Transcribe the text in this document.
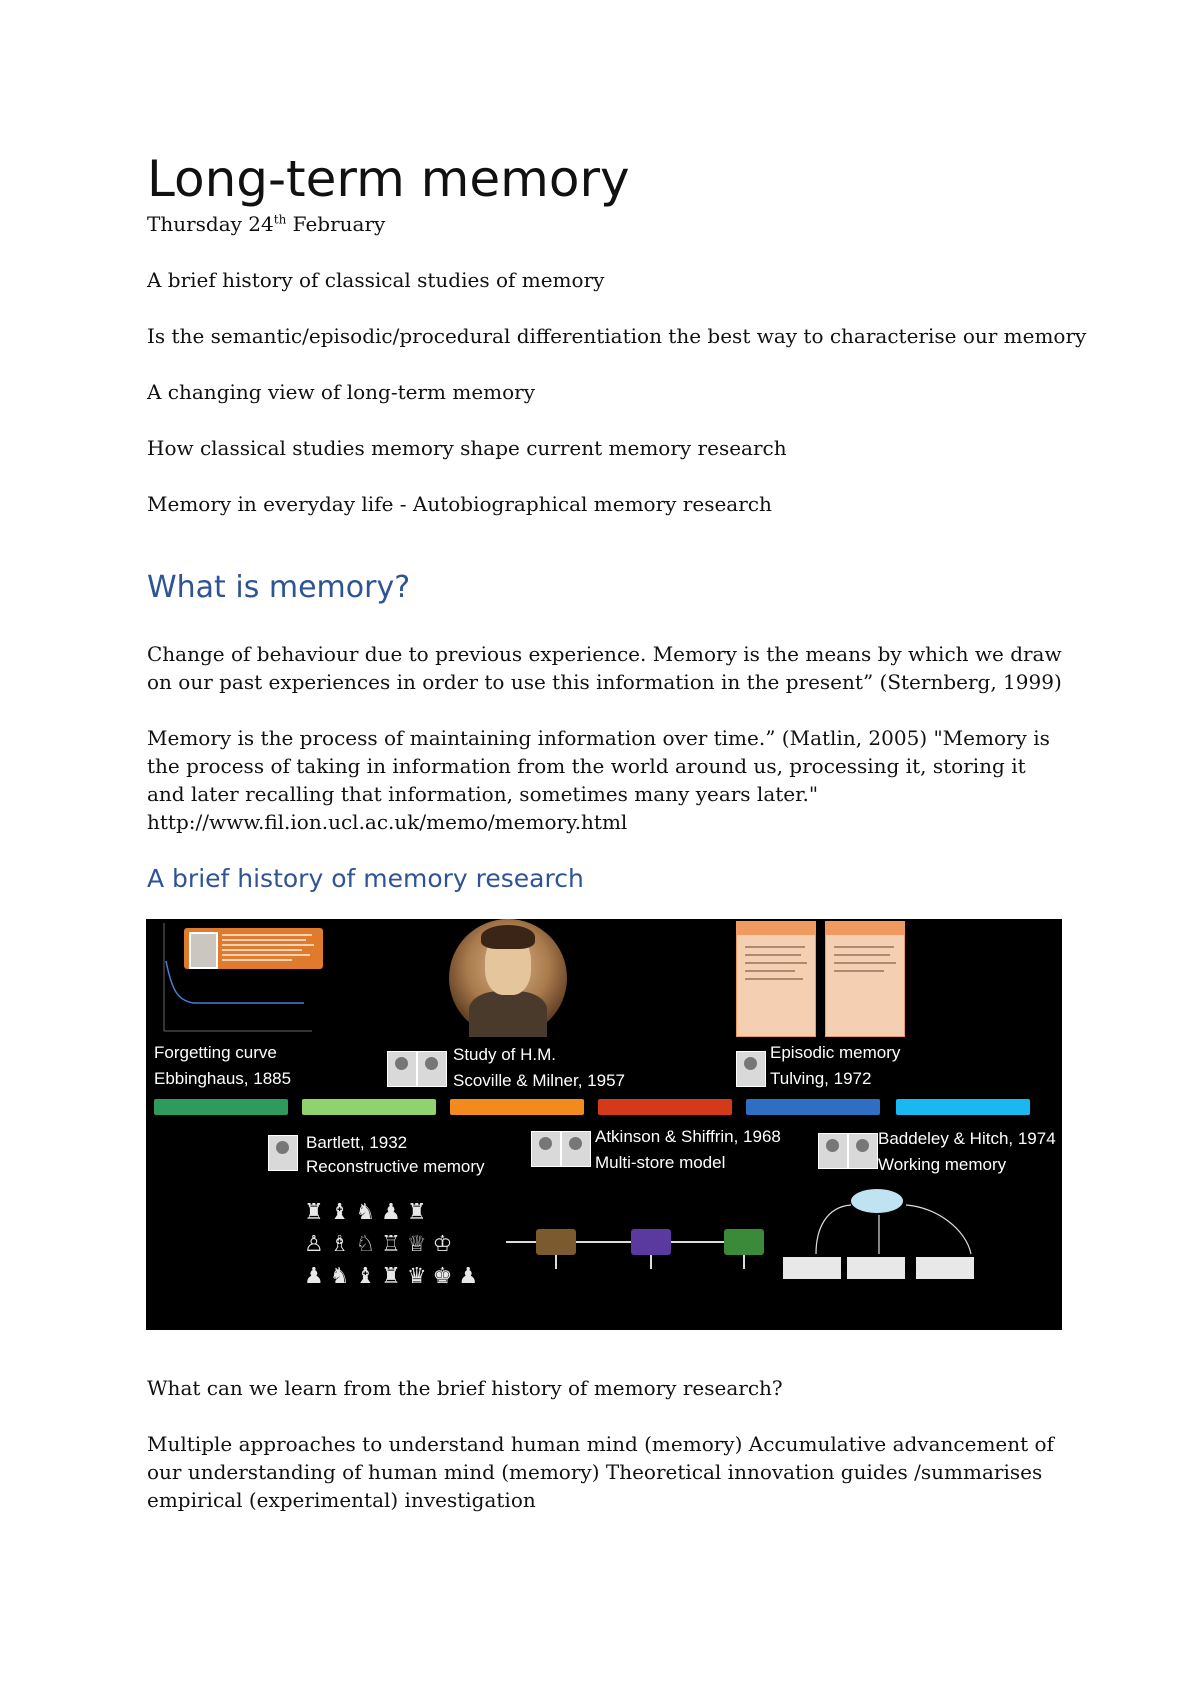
Long-term memory
Thursday 24th February

A brief history of classical studies of memory

Is the semantic/episodic/procedural differentiation the best way to characterise our memory

A changing view of long-term memory

How classical studies memory shape current memory research

Memory in everyday life - Autobiographical memory research

What is memory?

Change of behaviour due to previous experience. Memory is the means by which we draw on our past experiences in order to use this information in the present” (Sternberg, 1999)

Memory is the process of maintaining information over time.” (Matlin, 2005) "Memory is the process of taking in information from the world around us, processing it, storing it and later recalling that information, sometimes many years later." http://www.fil.ion.ucl.ac.uk/memo/memory.html

A brief history of memory research

What can we learn from the brief history of memory research?

Multiple approaches to understand human mind (memory) Accumulative advancement of our understanding of human mind (memory) Theoretical innovation guides /summarises empirical (experimental) investigation

Forgetting curve
Ebbinghaus, 1885
Study of H.M.
Scoville & Milner, 1957
Episodic memory
Tulving, 1972
Bartlett, 1932
Reconstructive memory
Atkinson & Shiffrin, 1968
Multi-store model
Baddeley & Hitch, 1974
Working memory
♜♝♞♟♜
♙♗♘♖♕♔
♟♞♝♜♛♚♟
